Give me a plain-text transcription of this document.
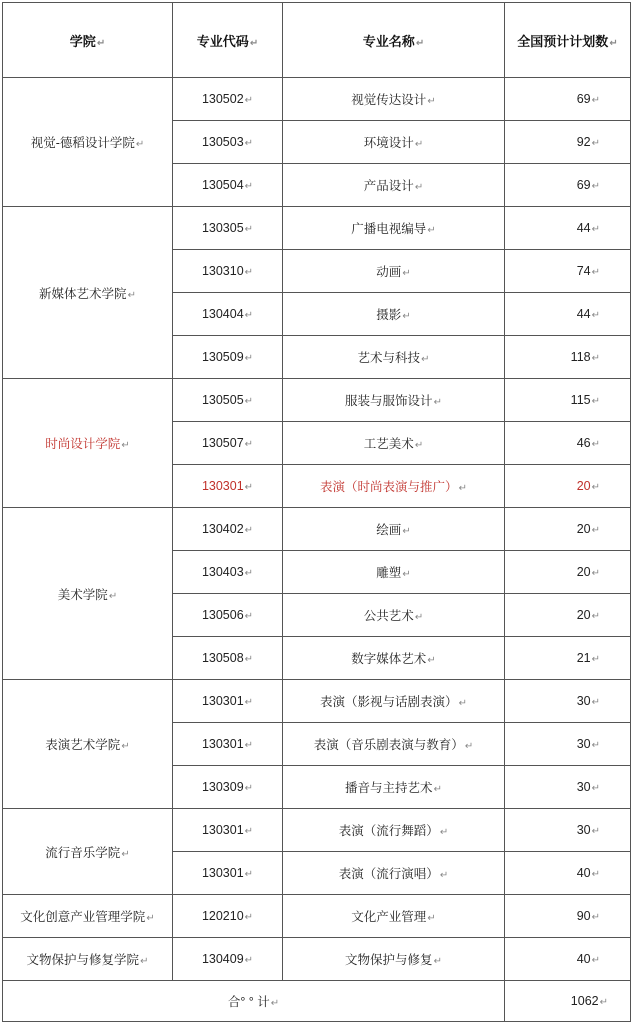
学院↵	专业代码↵	专业名称↵	全国预计计划数↵
视觉-德稻设计学院↵	130502↵	视觉传达设计↵	69↵
	130503↵	环境设计↵	92↵
	130504↵	产品设计↵	69↵
新媒体艺术学院↵	130305↵	广播电视编导↵	44↵
	130310↵	动画↵	74↵
	130404↵	摄影↵	44↵
	130509↵	艺术与科技↵	118↵
时尚设计学院↵	130505↵	服装与服饰设计↵	115↵
	130507↵	工艺美术↵	46↵
	130301↵	表演（时尚表演与推广）↵	20↵
美术学院↵	130402↵	绘画↵	20↵
	130403↵	雕塑↵	20↵
	130506↵	公共艺术↵	20↵
	130508↵	数字媒体艺术↵	21↵
表演艺术学院↵	130301↵	表演（影视与话剧表演）↵	30↵
	130301↵	表演（音乐剧表演与教育）↵	30↵
	130309↵	播音与主持艺术↵	30↵
流行音乐学院↵	130301↵	表演（流行舞蹈）↵	30↵
	130301↵	表演（流行演唱）↵	40↵
文化创意产业管理学院↵	120210↵	文化产业管理↵	90↵
文物保护与修复学院↵	130409↵	文物保护与修复↵	40↵
合° ° 计↵			1062↵
